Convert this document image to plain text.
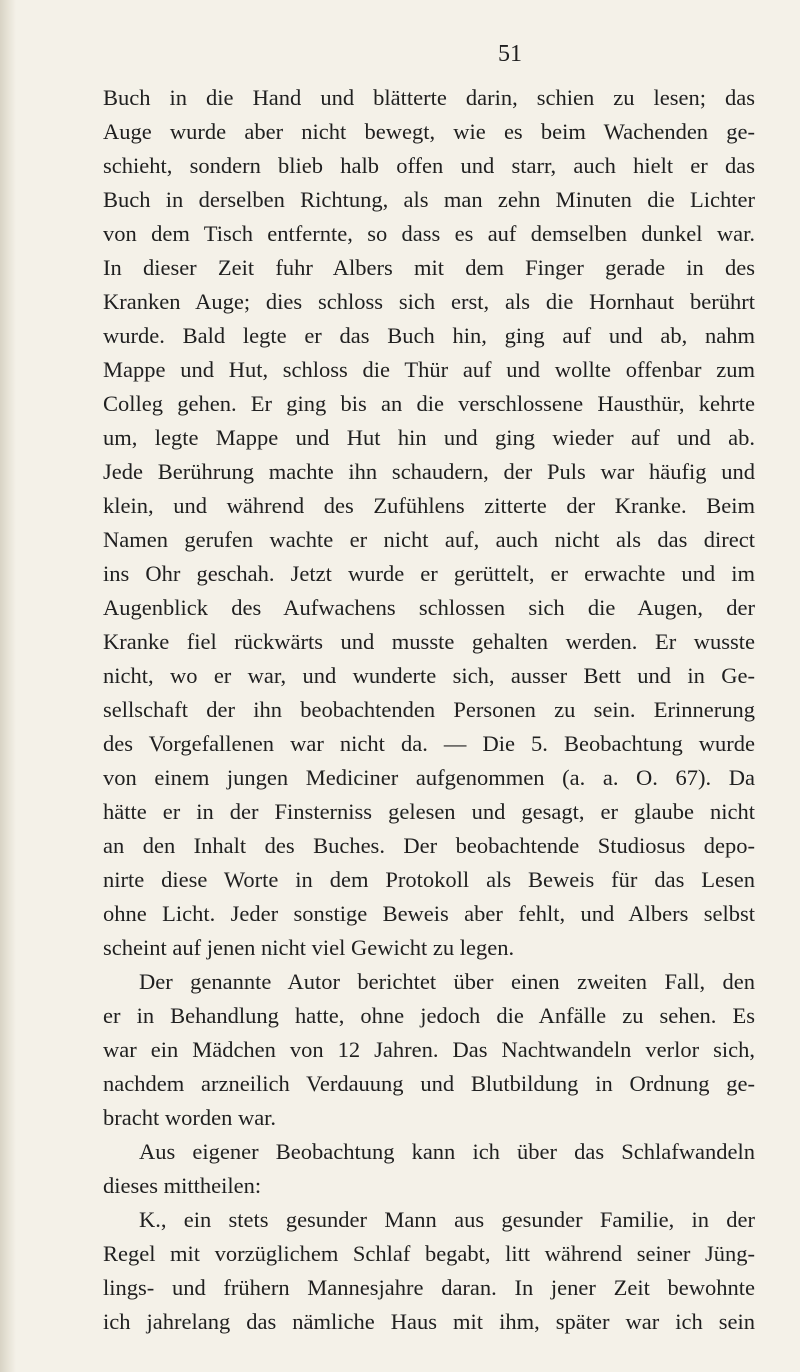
51
Buch in die Hand und blätterte darin, schien zu lesen; das
Auge wurde aber nicht bewegt, wie es beim Wachenden ge-
schieht, sondern blieb halb offen und starr, auch hielt er das
Buch in derselben Richtung, als man zehn Minuten die Lichter
von dem Tisch entfernte, so dass es auf demselben dunkel war.
In dieser Zeit fuhr Albers mit dem Finger gerade in des
Kranken Auge; dies schloss sich erst, als die Hornhaut berührt
wurde. Bald legte er das Buch hin, ging auf und ab, nahm
Mappe und Hut, schloss die Thür auf und wollte offenbar zum
Colleg gehen. Er ging bis an die verschlossene Hausthür, kehrte
um, legte Mappe und Hut hin und ging wieder auf und ab.
Jede Berührung machte ihn schaudern, der Puls war häufig und
klein, und während des Zufühlens zitterte der Kranke. Beim
Namen gerufen wachte er nicht auf, auch nicht als das direct
ins Ohr geschah. Jetzt wurde er gerüttelt, er erwachte und im
Augenblick des Aufwachens schlossen sich die Augen, der
Kranke fiel rückwärts und musste gehalten werden. Er wusste
nicht, wo er war, und wunderte sich, ausser Bett und in Ge-
sellschaft der ihn beobachtenden Personen zu sein. Erinnerung
des Vorgefallenen war nicht da. — Die 5. Beobachtung wurde
von einem jungen Mediciner aufgenommen (a. a. O. 67). Da
hätte er in der Finsterniss gelesen und gesagt, er glaube nicht
an den Inhalt des Buches. Der beobachtende Studiosus depo-
nirte diese Worte in dem Protokoll als Beweis für das Lesen
ohne Licht. Jeder sonstige Beweis aber fehlt, und Albers selbst
scheint auf jenen nicht viel Gewicht zu legen.
Der genannte Autor berichtet über einen zweiten Fall, den
er in Behandlung hatte, ohne jedoch die Anfälle zu sehen. Es
war ein Mädchen von 12 Jahren. Das Nachtwandeln verlor sich,
nachdem arzneilich Verdauung und Blutbildung in Ordnung ge-
bracht worden war.
Aus eigener Beobachtung kann ich über das Schlafwandeln
dieses mittheilen:
K., ein stets gesunder Mann aus gesunder Familie, in der
Regel mit vorzüglichem Schlaf begabt, litt während seiner Jüng-
lings- und frühern Mannesjahre daran. In jener Zeit bewohnte
ich jahrelang das nämliche Haus mit ihm, später war ich sein
